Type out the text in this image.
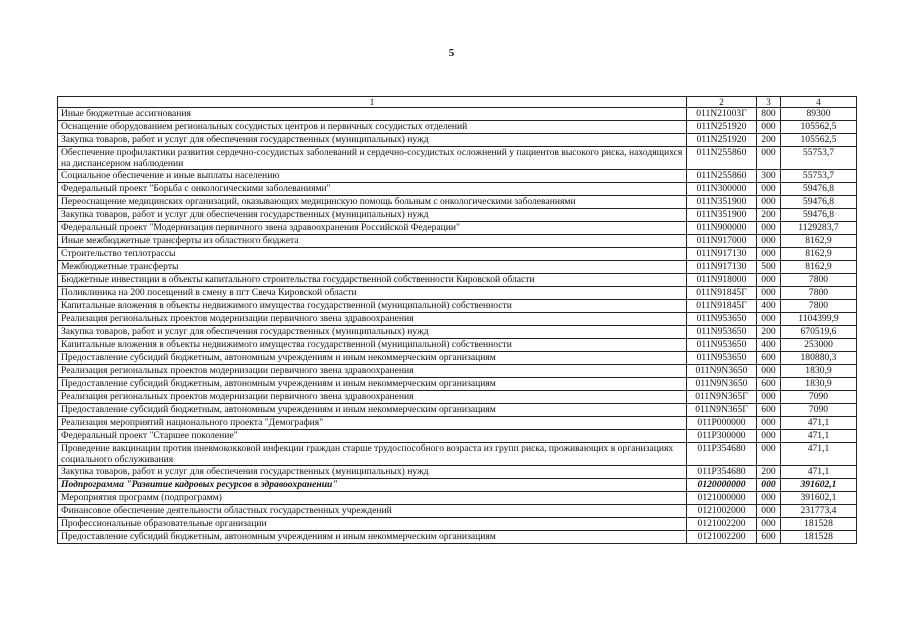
5
1	2	3	4
Иные бюджетные ассигнования	011N21003Г	800	89300
Оснащение оборудованием региональных сосудистых центров и первичных сосудистых отделений	011N251920	000	105562,5
Закупка товаров, работ и услуг для обеспечения государственных (муниципальных) нужд	011N251920	200	105562,5
Обеспечение профилактики развития сердечно-сосудистых заболеваний и сердечно-сосудистых осложнений у пациентов высокого риска, находящихся на диспансерном наблюдении	011N255860	000	55753,7
Социальное обеспечение и иные выплаты населению	011N255860	300	55753,7
Федеральный проект "Борьба с онкологическими заболеваниями"	011N300000	000	59476,8
Переоснащение медицинских организаций, оказывающих медицинскую помощь больным с онкологическими заболеваниями	011N351900	000	59476,8
Закупка товаров, работ и услуг для обеспечения государственных (муниципальных) нужд	011N351900	200	59476,8
Федеральный проект "Модернизация первичного звена здравоохранения Российской Федерации"	011N900000	000	1129283,7
Иные межбюджетные трансферты из областного бюджета	011N917000	000	8162,9
Строительство теплотрассы	011N917130	000	8162,9
Межбюджетные трансферты	011N917130	500	8162,9
Бюджетные инвестиции в объекты капитального строительства государственной собственности Кировской области	011N918000	000	7800
Поликлиника на 200 посещений в смену в пгт Свеча Кировской области	011N91845Г	000	7800
Капитальные вложения в объекты недвижимого имущества государственной (муниципальной) собственности	011N91845Г	400	7800
Реализация региональных проектов модернизации первичного звена здравоохранения	011N953650	000	1104399,9
Закупка товаров, работ и услуг для обеспечения государственных (муниципальных) нужд	011N953650	200	670519,6
Капитальные вложения в объекты недвижимого имущества государственной (муниципальной) собственности	011N953650	400	253000
Предоставление субсидий бюджетным, автономным учреждениям и иным некоммерческим организациям	011N953650	600	180880,3
Реализация региональных проектов модернизации первичного звена здравоохранения	011N9N3650	000	1830,9
Предоставление субсидий бюджетным, автономным учреждениям и иным некоммерческим организациям	011N9N3650	600	1830,9
Реализация региональных проектов модернизации первичного звена здравоохранения	011N9N365Г	000	7090
Предоставление субсидий бюджетным, автономным учреждениям и иным некоммерческим организациям	011N9N365Г	600	7090
Реализация мероприятий национального проекта "Демография"	011P000000	000	471,1
Федеральный проект "Старшее поколение"	011P300000	000	471,1
Проведение вакцинации против пневмококковой инфекции граждан старше трудоспособного возраста из групп риска, проживающих в организациях социального обслуживания	011P354680	000	471,1
Закупка товаров, работ и услуг для обеспечения государственных (муниципальных) нужд	011P354680	200	471,1
Подпрограмма "Развитие кадровых ресурсов в здравоохранении"	0120000000	000	391602,1
Мероприятия программ (подпрограмм)	0121000000	000	391602,1
Финансовое обеспечение деятельности областных государственных учреждений	0121002000	000	231773,4
Профессиональные образовательные организации	0121002200	000	181528
Предоставление субсидий бюджетным, автономным учреждениям и иным некоммерческим организациям	0121002200	600	181528
